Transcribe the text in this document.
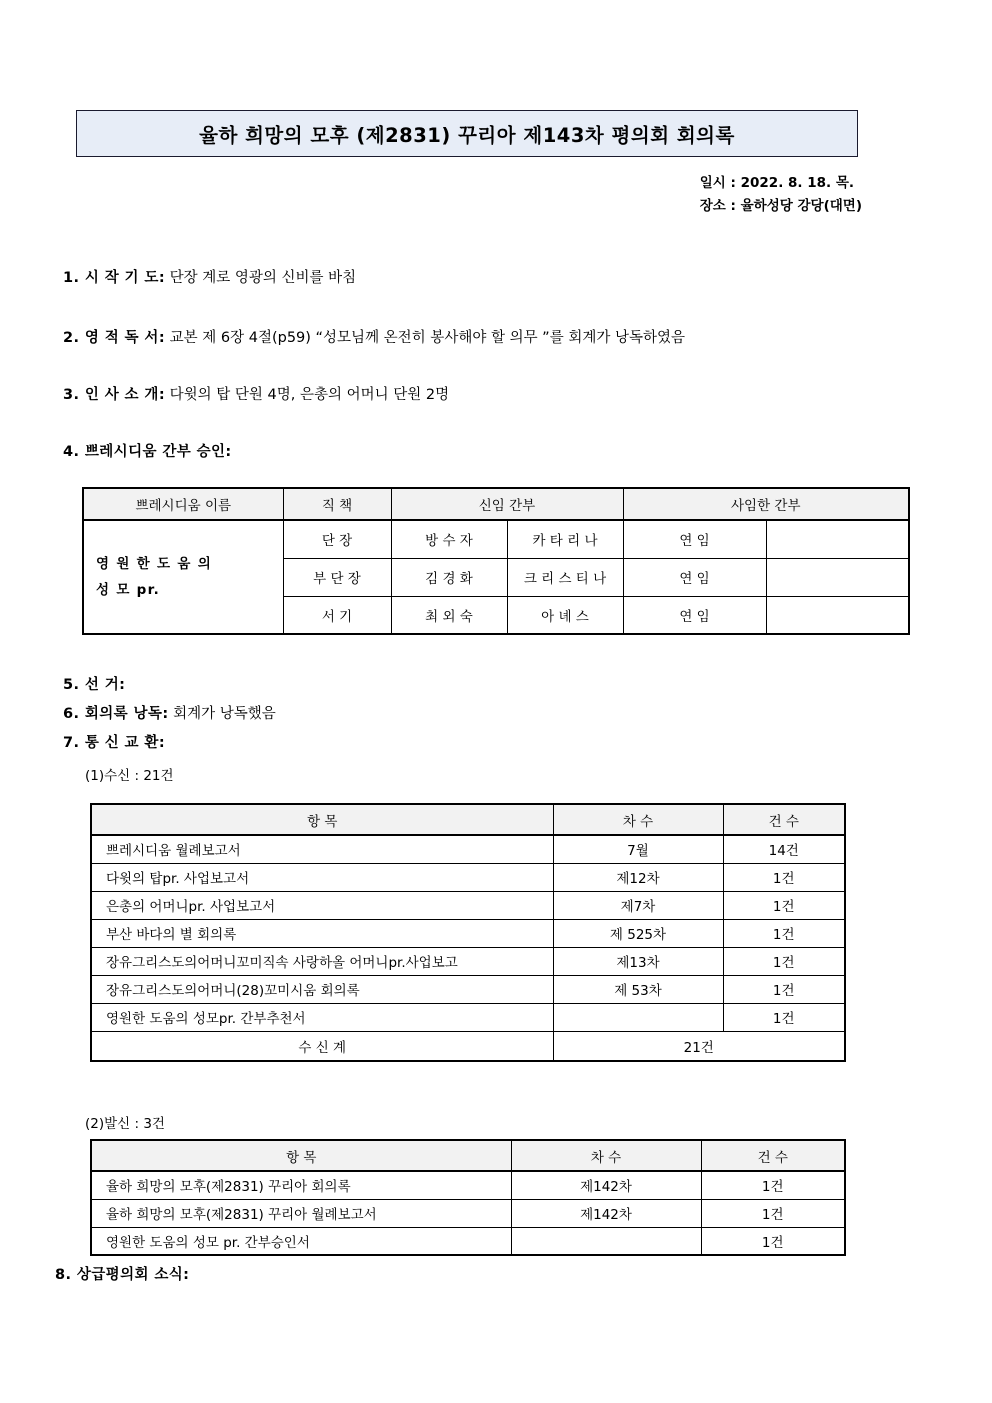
율하 희망의 모후 (제2831) 꾸리아 제143차 평의회 회의록
일시 : 2022. 8. 18. 목.
장소 : 율하성당 강당(대면)
1. 시 작 기 도: 단장 계로 영광의 신비를 바침
2. 영 적 독 서: 교본 제 6장 4절(p59) “성모님께 온전히 봉사해야 할 의무 ”를 회계가 낭독하였음
3. 인 사 소 개: 다윗의 탑 단원 4명, 은총의 어머니 단원 2명
4. 쁘레시디움 간부 승인:
쁘레시디움 이름	직 책	신임 간부		사임한 간부	

영 원 한 도 움 의
성 모 pr.	단 장	방 수 자	카 타 리 나	연 임	
	부 단 장	김 경 화	크 리 스 티 나	연 임	
	서 기	최 외 숙	아 녜 스	연 임	
5. 선 거:
6. 회의록 낭독: 회계가 낭독했음
7. 통 신 교 환:
(1)수신 : 21건
항 목	차 수	건 수
쁘레시디움 월례보고서	7월	14건
다윗의 탑pr. 사업보고서	제12차	1건
은총의 어머니pr. 사업보고서	제7차	1건
부산 바다의 별 회의록	제 525차	1건
장유그리스도의어머니꼬미직속 사랑하올 어머니pr.사업보고	제13차	1건
장유그리스도의어머니(28)꼬미시움 회의록	제 53차	1건
영원한 도움의 성모pr. 간부추천서		1건
수 신 계	21건	
(2)발신 : 3건
항 목	차 수	건 수
율하 희망의 모후(제2831) 꾸리아 회의록	제142차	1건
율하 희망의 모후(제2831) 꾸리아 월례보고서	제142차	1건
영원한 도움의 성모 pr. 간부승인서		1건
8. 상급평의회 소식:
